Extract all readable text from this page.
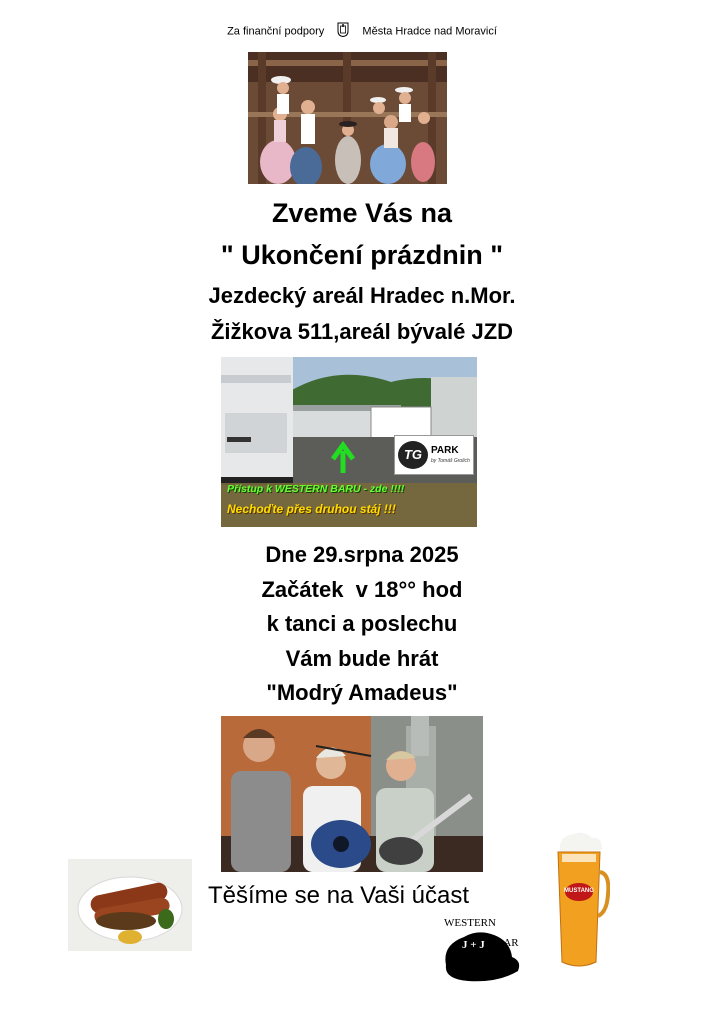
Za finanční podpory	Města Hradce nad Moravicí
Zveme Vás na
" Ukončení prázdnin "
Jezdecký areál Hradec n.Mor.
Žižkova 511,areál bývalé JZD
TG PARK
by Tomáš Grolich
Přístup k WESTERN BARU - zde !!!!
Nechoďte přes druhou stáj !!!
Dne 29.srpna 2025
Začátek  v 18°° hod
k tanci a poslechu
Vám bude hrát
"Modrý Amadeus"
Těšíme se na Vaši účast
WESTERN
J + J BAR
MUSTANG
